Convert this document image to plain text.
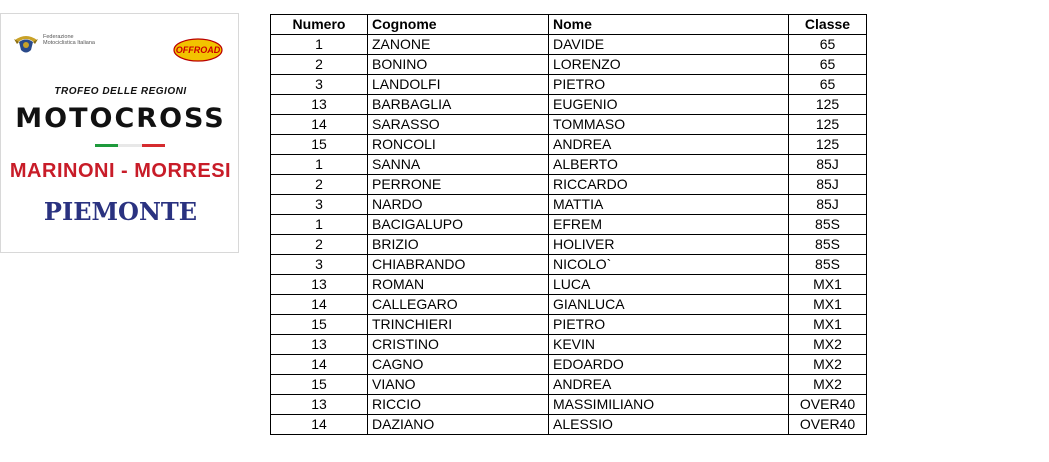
Federazione Motociclistica Italiana
OFFROAD
TROFEO DELLE REGIONI
MOTOCROSS
MARINONI - MORRESI
PIEMONTE
Numero	Cognome	Nome	Classe
1	ZANONE	DAVIDE	65
2	BONINO	LORENZO	65
3	LANDOLFI	PIETRO	65
13	BARBAGLIA	EUGENIO	125
14	SARASSO	TOMMASO	125
15	RONCOLI	ANDREA	125
1	SANNA	ALBERTO	85J
2	PERRONE	RICCARDO	85J
3	NARDO	MATTIA	85J
1	BACIGALUPO	EFREM	85S
2	BRIZIO	HOLIVER	85S
3	CHIABRANDO	NICOLO`	85S
13	ROMAN	LUCA	MX1
14	CALLEGARO	GIANLUCA	MX1
15	TRINCHIERI	PIETRO	MX1
13	CRISTINO	KEVIN	MX2
14	CAGNO	EDOARDO	MX2
15	VIANO	ANDREA	MX2
13	RICCIO	MASSIMILIANO	OVER40
14	DAZIANO	ALESSIO	OVER40
